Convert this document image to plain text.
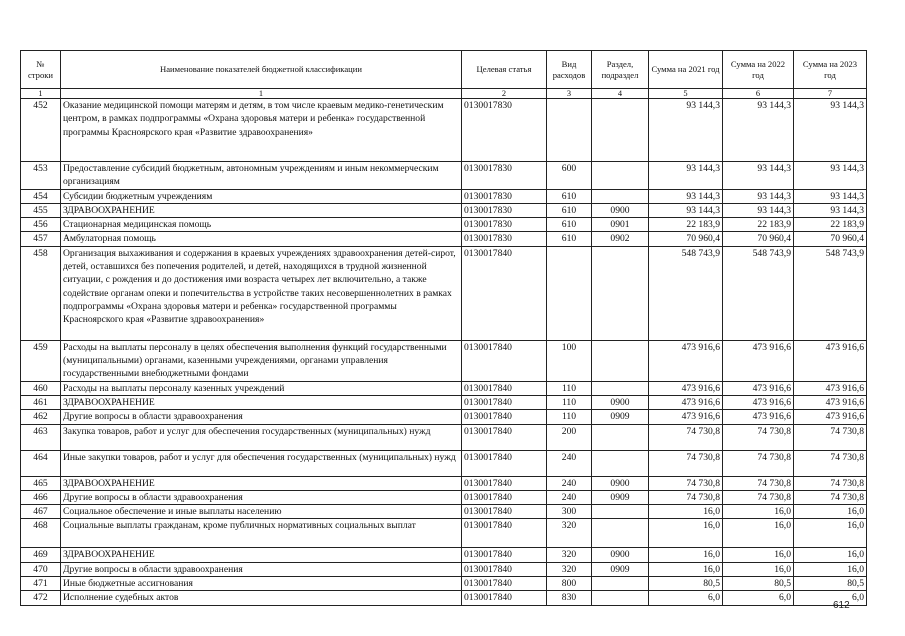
№ строки	Наименование показателей бюджетной классификации	Целевая статья	Вид расходов	Раздел, подраздел	Сумма на 2021 год	Сумма на 2022 год	Сумма на 2023 год
1	1	2	3	4	5	6	7
452	Оказание медицинской помощи матерям и детям, в том числе краевым медико-генетическим центром, в рамках подпрограммы «Охрана здоровья матери и ребенка» государственной программы Красноярского края «Развитие здравоохранения»	0130017830			93 144,3	93 144,3	93 144,3
453	Предоставление субсидий бюджетным, автономным учреждениям и иным некоммерческим организациям	0130017830	600		93 144,3	93 144,3	93 144,3
454	Субсидии бюджетным учреждениям	0130017830	610		93 144,3	93 144,3	93 144,3
455	ЗДРАВООХРАНЕНИЕ	0130017830	610	0900	93 144,3	93 144,3	93 144,3
456	Стационарная медицинская помощь	0130017830	610	0901	22 183,9	22 183,9	22 183,9
457	Амбулаторная помощь	0130017830	610	0902	70 960,4	70 960,4	70 960,4
458	Организация выхаживания и содержания в краевых учреждениях здравоохранения детей-сирот, детей, оставшихся без попечения родителей, и детей, находящихся в трудной жизненной ситуации, с рождения и до достижения ими возраста четырех лет включительно, а также содействие органам опеки и попечительства в устройстве таких несовершеннолетних в рамках подпрограммы «Охрана здоровья матери и ребенка» государственной программы Красноярского края «Развитие здравоохранения»	0130017840			548 743,9	548 743,9	548 743,9
459	Расходы на выплаты персоналу в целях обеспечения выполнения функций государственными (муниципальными) органами, казенными учреждениями, органами управления государственными внебюджетными фондами	0130017840	100		473 916,6	473 916,6	473 916,6
460	Расходы на выплаты персоналу казенных учреждений	0130017840	110		473 916,6	473 916,6	473 916,6
461	ЗДРАВООХРАНЕНИЕ	0130017840	110	0900	473 916,6	473 916,6	473 916,6
462	Другие вопросы в области здравоохранения	0130017840	110	0909	473 916,6	473 916,6	473 916,6
463	Закупка товаров, работ и услуг для обеспечения государственных (муниципальных) нужд	0130017840	200		74 730,8	74 730,8	74 730,8
464	Иные закупки товаров, работ и услуг для обеспечения государственных (муниципальных) нужд	0130017840	240		74 730,8	74 730,8	74 730,8
465	ЗДРАВООХРАНЕНИЕ	0130017840	240	0900	74 730,8	74 730,8	74 730,8
466	Другие вопросы в области здравоохранения	0130017840	240	0909	74 730,8	74 730,8	74 730,8
467	Социальное обеспечение и иные выплаты населению	0130017840	300		16,0	16,0	16,0
468	Социальные выплаты гражданам, кроме публичных нормативных социальных выплат	0130017840	320		16,0	16,0	16,0
469	ЗДРАВООХРАНЕНИЕ	0130017840	320	0900	16,0	16,0	16,0
470	Другие вопросы в области здравоохранения	0130017840	320	0909	16,0	16,0	16,0
471	Иные бюджетные ассигнования	0130017840	800		80,5	80,5	80,5
472	Исполнение судебных актов	0130017840	830		6,0	6,0	6,0
612
